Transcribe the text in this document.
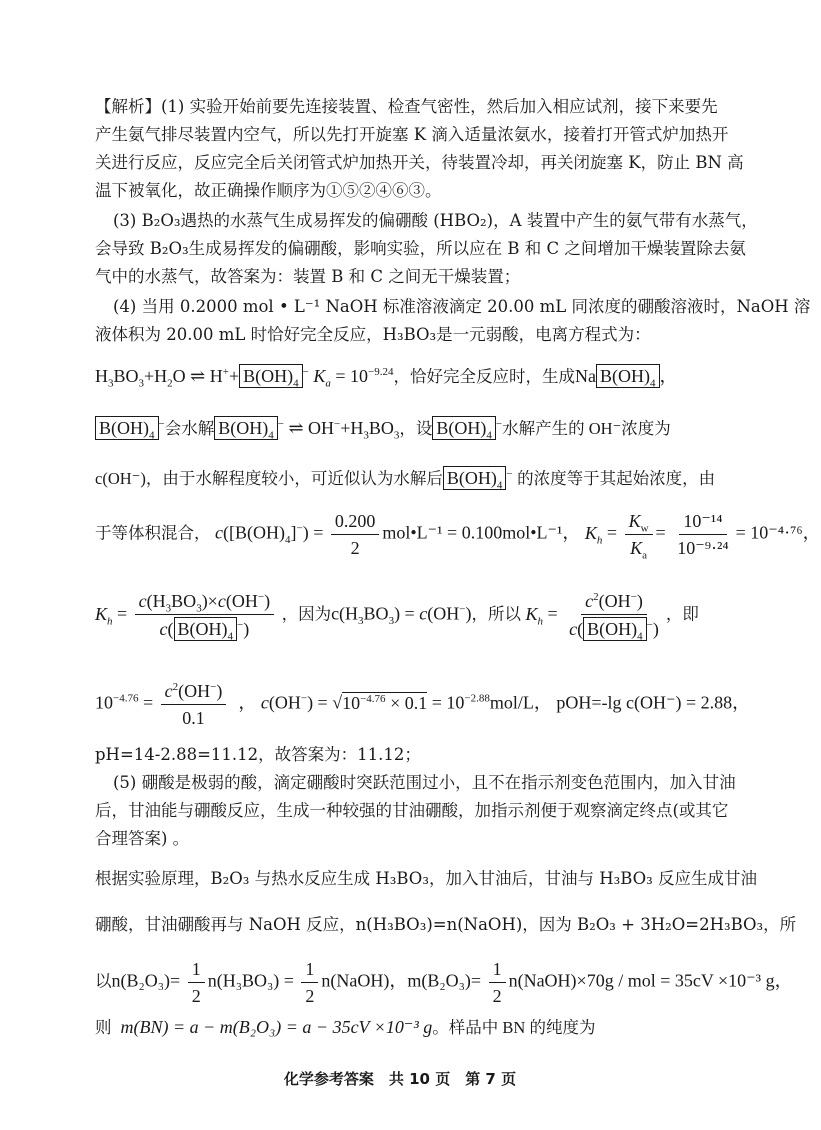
【解析】(1) 实验开始前要先连接装置、检查气密性，然后加入相应试剂，接下来要先
产生氨气排尽装置内空气，所以先打开旋塞 K 滴入适量浓氨水，接着打开管式炉加热开
关进行反应，反应完全后关闭管式炉加热开关，待装置冷却，再关闭旋塞 K，防止 BN 高
温下被氧化，故正确操作顺序为①⑤②④⑥③。
(3) B₂O₃遇热的水蒸气生成易挥发的偏硼酸 (HBO₂)，A 装置中产生的氨气带有水蒸气，
会导致 B₂O₃生成易挥发的偏硼酸，影响实验，所以应在 B 和 C 之间增加干燥装置除去氨
气中的水蒸气，故答案为：装置 B 和 C 之间无干燥装置；
(4) 当用 0.2000 mol • L⁻¹ NaOH 标准溶液滴定 20.00 mL 同浓度的硼酸溶液时，NaOH 溶
液体积为 20.00 mL 时恰好完全反应，H₃BO₃是一元弱酸，电离方程式为：
$H_3BO_3+H_2O$ ⇌ $H^++ B(OH)_4^-$ $K_a = 10^{-9.24}$，恰好完全反应时，生成Na $B(OH)_4$ ，
$B(OH)_4^-$会水解 $B(OH)_4^-$ ⇌ $OH^-+H_3BO_3$，设 $B(OH)_4^-$水解产生的 OH⁻浓度为
c(OH⁻)，由于水解程度较小，可近似认为水解后 $B(OH)_4^-$ 的浓度等于其起始浓度，由
于等体积混合， $c([B(OH)_4]^-) = \frac{0.200}{2}$ mol•L⁻¹ = 0.100mol•L⁻¹， $K_h = \frac{K_w}{K_a} = \frac{\text{10⁻¹⁴}}{\text{10⁻⁹·²⁴}} = 10^{-4}\cdot^{76}$，
$K_h = \frac{c(H_3BO_3)\times c(OH^-)}{c( B(OH)_4^-)}$ ，因为$c(H_3BO_3) = c(OH^-)$，所以 $K_h = \frac{c^2(OH^-)}{c( B(OH)_4^-)}$ ，即
$10^{-4.76} = \frac{c^2(OH^-)}{0.1}$ ， $c(OH^-) = √10^{-4.76} \times 0.1 = 10^{-2.88}mol/L$， pOH=-lg c(OH⁻) = 2.88，
pH=14-2.88=11.12，故答案为：11.12；
(5) 硼酸是极弱的酸，滴定硼酸时突跃范围过小，且不在指示剂变色范围内，加入甘油
后，甘油能与硼酸反应，生成一种较强的甘油硼酸，加指示剂便于观察滴定终点(或其它
合理答案) 。
根据实验原理，B₂O₃ 与热水反应生成 H₃BO₃，加入甘油后，甘油与 H₃BO₃ 反应生成甘油
硼酸，甘油硼酸再与 NaOH 反应，n(H₃BO₃)=n(NaOH)，因为 B₂O₃ + 3H₂O=2H₃BO₃，所
以$n(B_2O_3)= \frac{1}{2} n(H_3BO_3) = \frac{1}{2}$ n(NaOH)，$m(B_2O_3)= \frac{1}{2}$ n(NaOH)×70g / mol = 35cV ×10⁻³ g，
则 m(BN) = a − m(B₂O₃) = a − 35cV ×10⁻³ g。样品中 BN 的纯度为
化学参考答案　共 10 页　第 7 页
